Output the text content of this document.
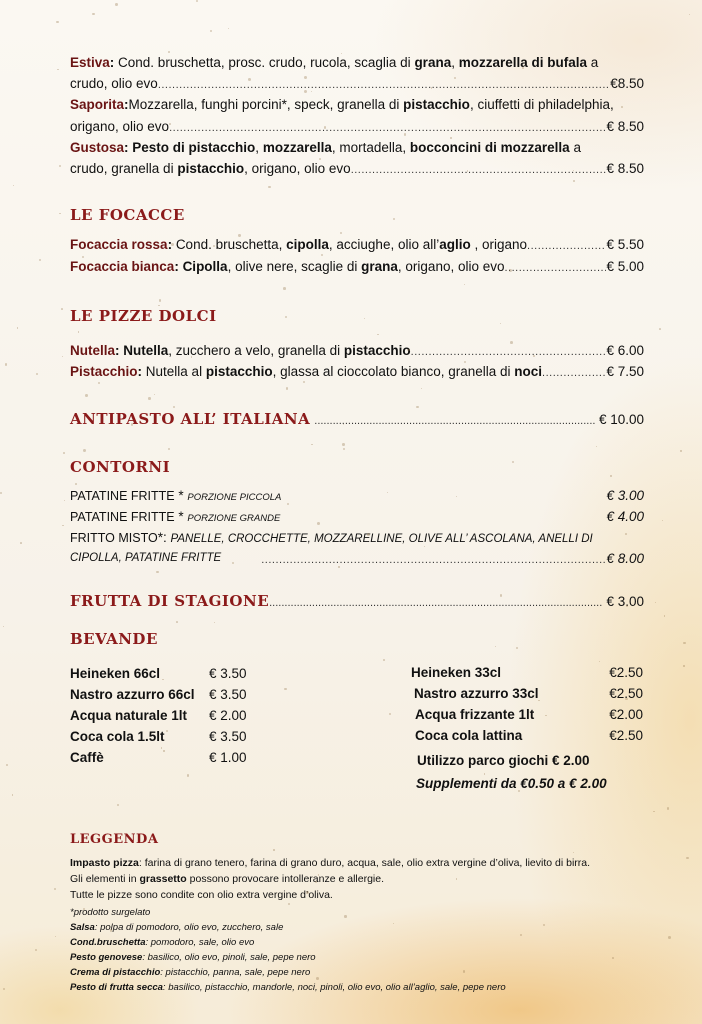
Estiva: Cond. bruschetta, prosc. crudo, rucola, scaglia di grana, mozzarella di bufala a
crudo, olio evo .....	€8.50
Saporita:Mozzarella, funghi porcini*, speck, granella di pistacchio, ciuffetti di philadelphia,
origano, olio evo .....	€ 8.50
Gustosa: Pesto di pistacchio, mozzarella, mortadella, bocconcini di mozzarella a
crudo, granella di pistacchio, origano, olio evo .....	€ 8.50
LE FOCACCE
Focaccia rossa: Cond. bruschetta, cipolla, acciughe, olio all’aglio , origano .....	€ 5.50
Focaccia bianca: Cipolla, olive nere, scaglie di grana, origano, olio evo .....	€ 5.00
LE PIZZE DOLCI
Nutella: Nutella, zucchero a velo, granella di pistacchio .....	€ 6.00
Pistacchio: Nutella al pistacchio, glassa al cioccolato bianco, granella di noci .....	€ 7.50
ANTIPASTO ALL’ ITALIANA .....	€ 10.00
CONTORNI
PATATINE FRITTE * PORZIONE PICCOLA	€ 3.00
PATATINE FRITTE * PORZIONE GRANDE	€ 4.00
FRITTO MISTO*: PANELLE, CROCCHETTE, MOZZARELLINE, OLIVE ALL’ ASCOLANA, ANELLI DI
CIPOLLA, PATATINE FRITTE .....	€ 8.00
FRUTTA DI STAGIONE .....	€ 3.00
BEVANDE
Heineken 66cl	€ 3.50
Nastro azzurro 66cl € 3.50
Acqua naturale 1lt € 2.00
Coca cola 1.5lt	€ 3.50
Caffè	€ 1.00
Heineken 33cl	€2.50
Nastro azzurro 33cl	€2.50
Acqua frizzante 1lt	€2.00
Coca cola lattina	€2.50
Utilizzo parco giochi € 2.00
Supplementi da €0.50 a € 2.00
LEGGENDA
Impasto pizza: farina di grano tenero, farina di grano duro, acqua, sale, olio extra vergine d’oliva, lievito di birra.
Gli elementi in grassetto possono provocare intolleranze e allergie.
Tutte le pizze sono condite con olio extra vergine d’oliva.
*prodotto surgelato
Salsa: polpa di pomodoro, olio evo, zucchero, sale
Cond.bruschetta: pomodoro, sale, olio evo
Pesto genovese: basilico, olio evo, pinoli, sale, pepe nero
Crema di pistacchio: pistacchio, panna, sale, pepe nero
Pesto di frutta secca: basilico, pistacchio, mandorle, noci, pinoli, olio evo, olio all’aglio, sale, pepe nero
